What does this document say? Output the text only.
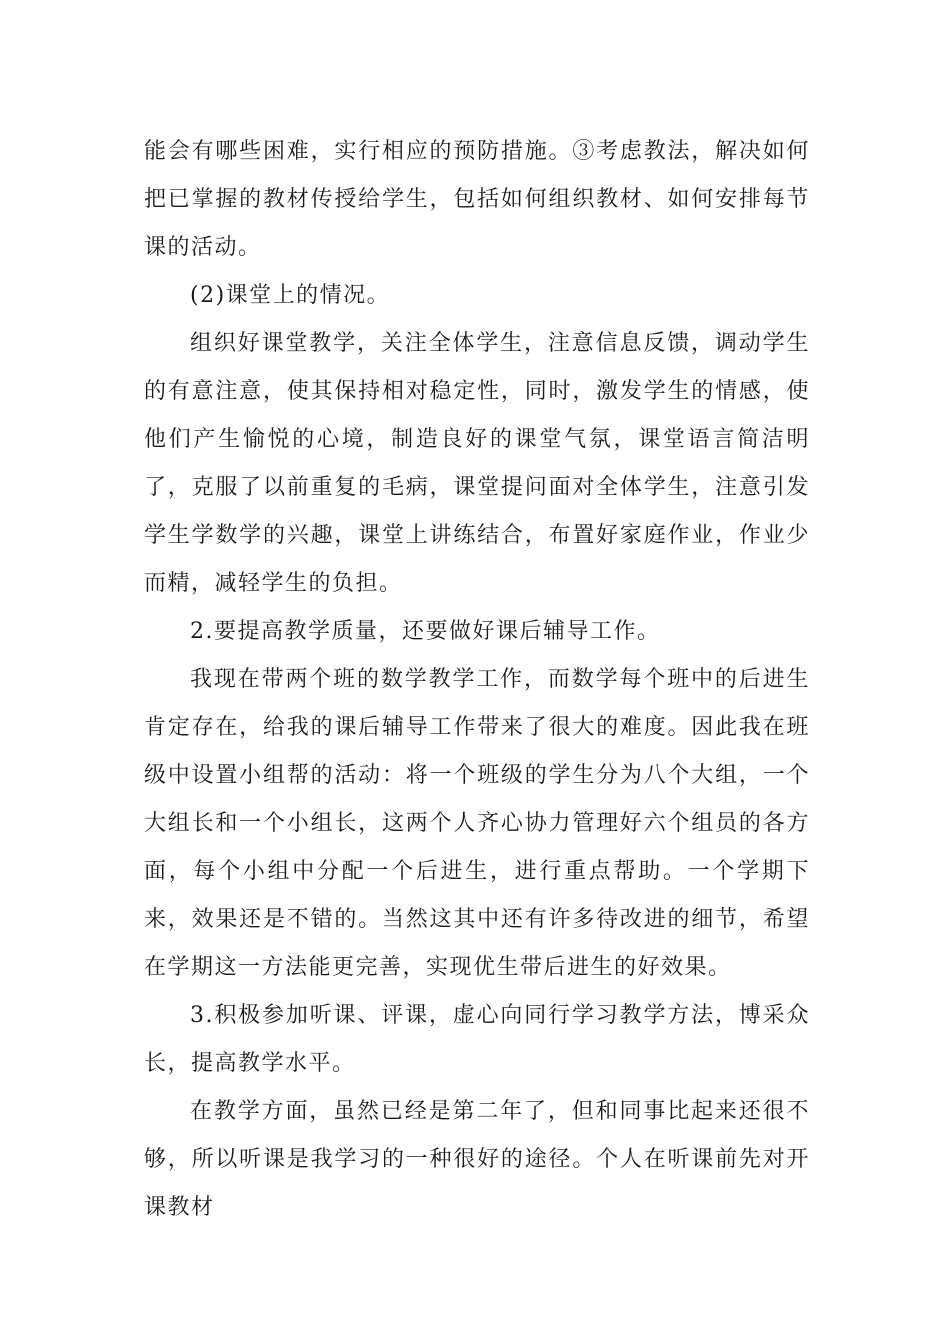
能会有哪些困难，实行相应的预防措施。③考虑教法，解决如何把已掌握的教材传授给学生，包括如何组织教材、如何安排每节课的活动。

(2)课堂上的情况。

组织好课堂教学，关注全体学生，注意信息反馈，调动学生的有意注意，使其保持相对稳定性，同时，激发学生的情感，使他们产生愉悦的心境，制造良好的课堂气氛，课堂语言简洁明了，克服了以前重复的毛病，课堂提问面对全体学生，注意引发学生学数学的兴趣，课堂上讲练结合，布置好家庭作业，作业少而精，减轻学生的负担。

2.要提高教学质量，还要做好课后辅导工作。

我现在带两个班的数学教学工作，而数学每个班中的后进生肯定存在，给我的课后辅导工作带来了很大的难度。因此我在班级中设置小组帮的活动：将一个班级的学生分为八个大组，一个大组长和一个小组长，这两个人齐心协力管理好六个组员的各方面，每个小组中分配一个后进生，进行重点帮助。一个学期下来，效果还是不错的。当然这其中还有许多待改进的细节，希望在学期这一方法能更完善，实现优生带后进生的好效果。

3.积极参加听课、评课，虚心向同行学习教学方法，博采众长，提高教学水平。

在教学方面，虽然已经是第二年了，但和同事比起来还很不够，所以听课是我学习的一种很好的途径。个人在听课前先对开课教材
